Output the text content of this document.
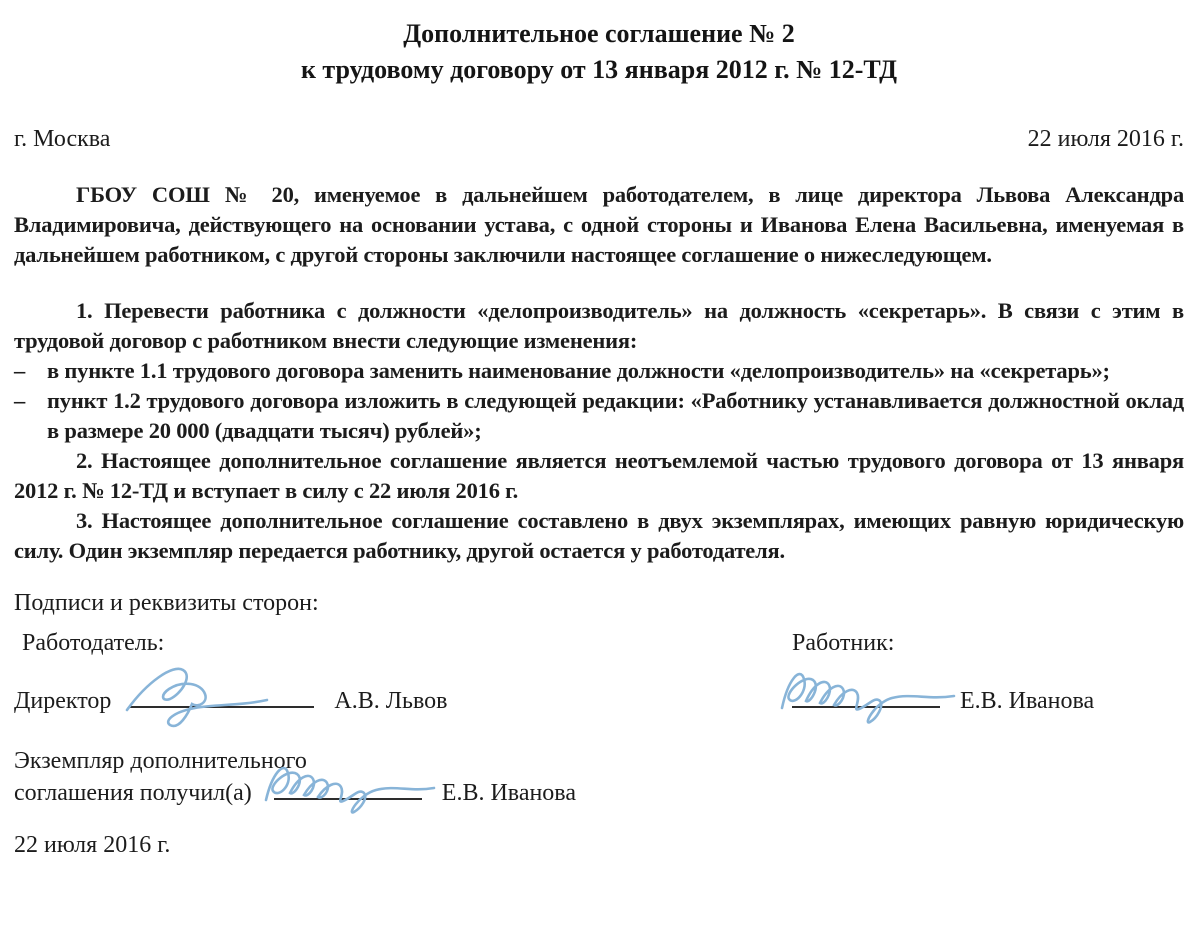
Дополнительное соглашение № 2
к трудовому договору от 13 января 2012 г. № 12-ТД
г. Москва	22 июля 2016 г.

ГБОУ СОШ № 20, именуемое в дальнейшем работодателем, в лице директора Львова Александра Владимировича, действующего на основании устава, с одной стороны и Иванова Елена Васильевна, именуемая в дальнейшем работником, с другой стороны заключили настоящее соглашение о нижеследующем.

1. Перевести работника с должности «делопроизводитель» на должность «секретарь». В связи с этим в трудовой договор с работником внести следующие изменения:

– в пункте 1.1 трудового договора заменить наименование должности «делопроизводитель» на «секретарь»;

– пункт 1.2 трудового договора изложить в следующей редакции: «Работнику устанавливается должностной оклад в размере 20 000 (двадцати тысяч) рублей»;

2. Настоящее дополнительное соглашение является неотъемлемой частью трудового договора от 13 января 2012 г. № 12-ТД и вступает в силу с 22 июля 2016 г.

3. Настоящее дополнительное соглашение составлено в двух экземплярах, имеющих равную юридическую силу. Один экземпляр передается работнику, другой остается у работодателя.

Подписи и реквизиты сторон:

Работодатель:	Работник:
Директор	А.В. Львов	Е.В. Иванова
Экземпляр дополнительного
соглашения получил(а)	Е.В. Иванова
22 июля 2016 г.
